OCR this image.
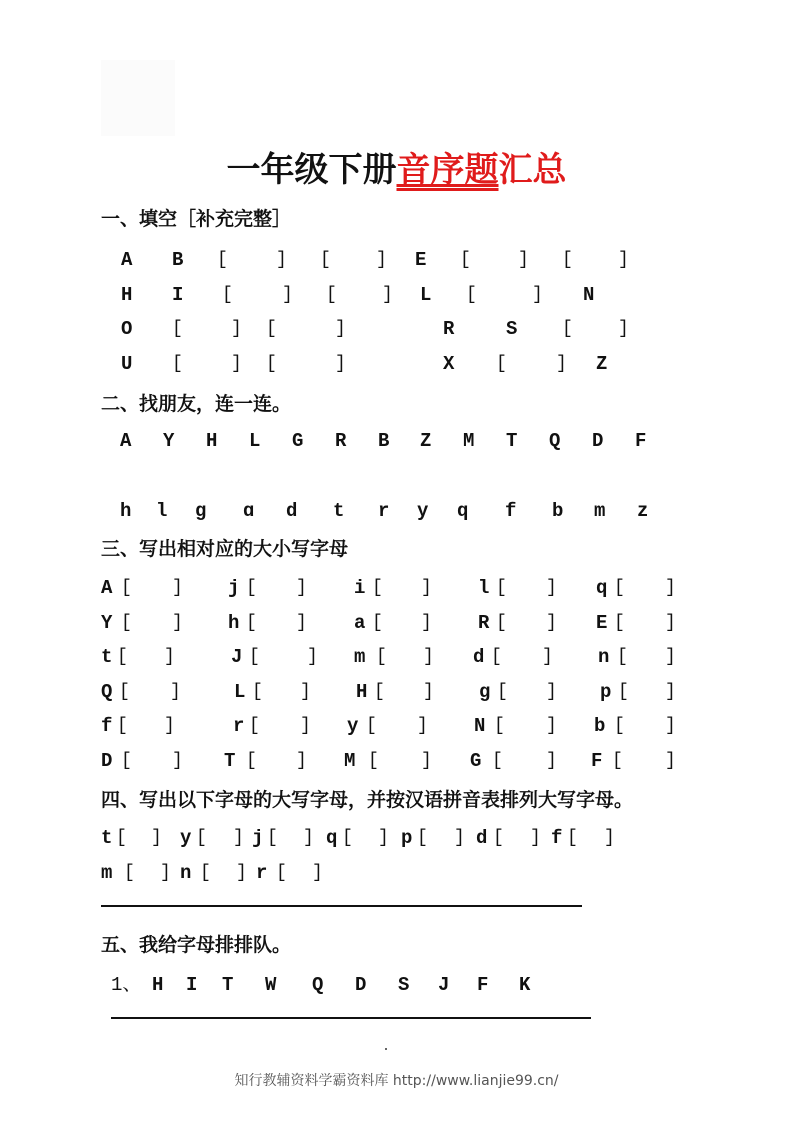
一年级下册音序题汇总
一、填空［补充完整］
A B [	] [	] E [	] [	]
H I [	] [	] L [	] N
O [	] [	]	R	S [	]
U [	] [	]	X [	] Z
二、找朋友，连一连。
A Y H L G R B Z M T Q D F
h l g ɑ d t r y q f b m z
三、写出相对应的大小写字母
A [ ] j [ ] i [ ] l [ ] q [ ]
Y [ ] h [ ] a [ ] R [ ] E [ ]
t [ ]	J [	] m [ ] d [ ] n [ ]
Q [ ]	L [ ] H [ ] g [ ] p [ ]
f [ ]	r [ ] y [ ] N [ ] b [ ]
D [ ] T [ ] M [ ] G [ ] F [ ]
四、写出以下字母的大写字母，并按汉语拼音表排列大写字母。
t [ ] y [ ] j [ ] q [ ] p [ ] d [ ] f [ ]
m [ ] n [ ] r [ ]
五、我给字母排排队。
1、 H I T W Q D S J F K
知行教辅资料学霸资料库 http://www.lianjie99.cn/
